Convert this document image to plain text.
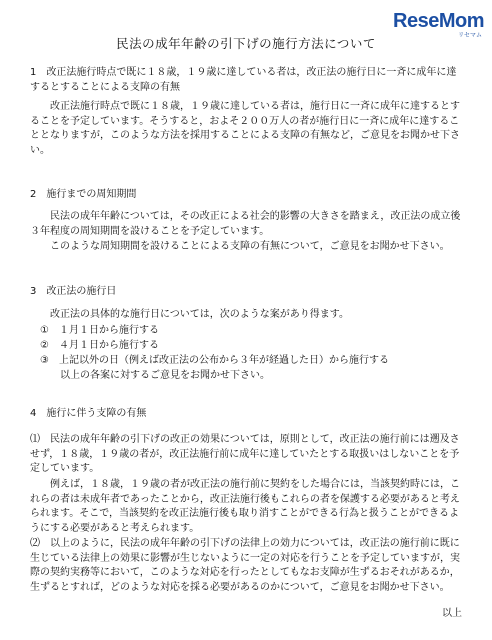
ReseMom
リセマム
民法の成年年齢の引下げの施行方法について

1　改正法施行時点で既に１８歳，１９歳に達している者は，改正法の施行日に一斉に成年に達するとすることによる支障の有無

改正法施行時点で既に１８歳，１９歳に達している者は，施行日に一斉に成年に達するとすることを予定しています。そうすると，およそ２００万人の者が施行日に一斉に成年に達することとなりますが，このような方法を採用することによる支障の有無など，ご意見をお聞かせ下さい。

2　施行までの周知期間

民法の成年年齢については，その改正による社会的影響の大きさを踏まえ，改正法の成立後３年程度の周知期間を設けることを予定しています。

このような周知期間を設けることによる支障の有無について，ご意見をお聞かせ下さい。

3　改正法の施行日

改正法の具体的な施行日については，次のような案があり得ます。

①　１月１日から施行する

②　４月１日から施行する

③　上記以外の日（例えば改正法の公布から３年が経過した日）から施行する

以上の各案に対するご意見をお聞かせ下さい。

4　施行に伴う支障の有無

⑴　民法の成年年齢の引下げの改正の効果については，原則として，改正法の施行前には遡及させず，１８歳，１９歳の者が，改正法施行前に成年に達していたとする取扱いはしないことを予定しています。

例えば，１８歳，１９歳の者が改正法の施行前に契約をした場合には，当該契約時には，これらの者は未成年者であったことから，改正法施行後もこれらの者を保護する必要があると考えられます。そこで，当該契約を改正法施行後も取り消すことができる行為と扱うことができるようにする必要があると考えられます。

⑵　以上のように，民法の成年年齢の引下げの法律上の効力については，改正法の施行前に既に生じている法律上の効果に影響が生じないように一定の対応を行うことを予定していますが，実際の契約実務等において，このような対応を行ったとしてもなお支障が生ずるおそれがあるか，生ずるとすれば，どのような対応を採る必要があるのかについて，ご意見をお聞かせ下さい。

以上
